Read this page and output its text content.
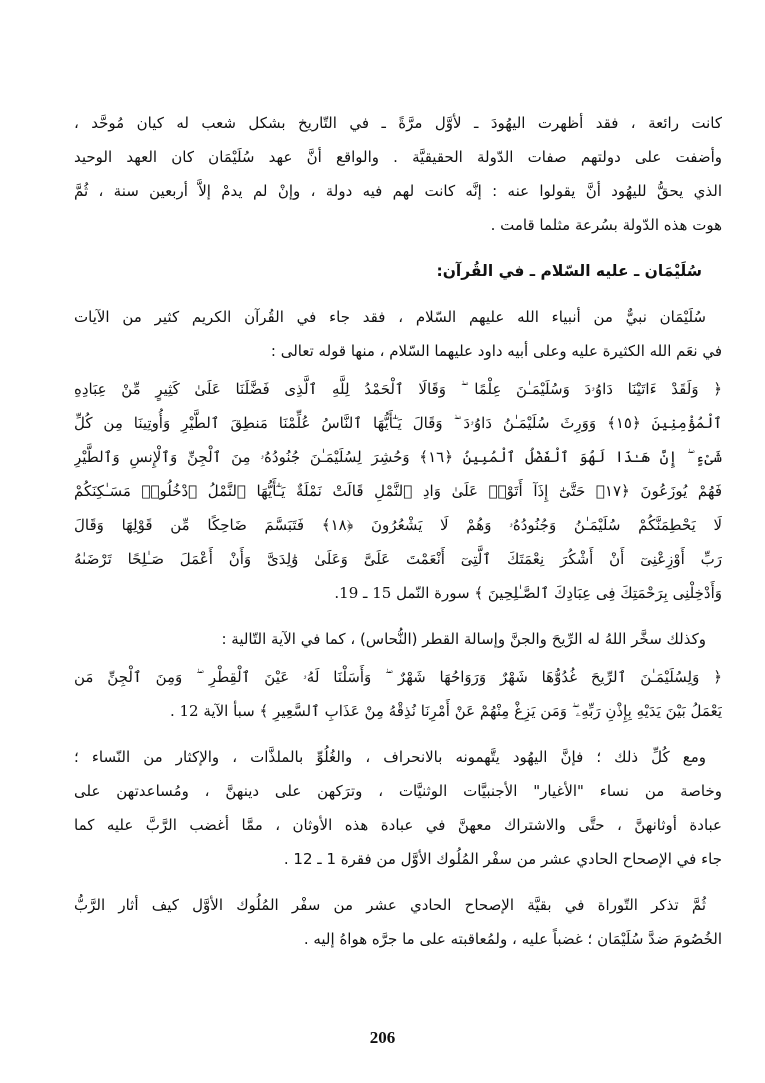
كانت رائعة ، فقد أظهرت اليهُودَ ـ لأوَّل مرَّةً ـ في التّاريخ بشكل شعب له كيان مُوحَّد ،
وأضفت على دولتهم صفات الدّولة الحقيقيَّة . والواقع أنَّ عهد سُلَيْمَان كان العهد الوحيد
الذي يحقُّ لليهُود أنَّ يقولوا عنه : إنَّه كانت لهم فيه دولة ، وإنْ لم يدمْ إلاَّ أربعين سنة ، ثُمَّ
هوت هذه الدّولة بسُرعة مثلما قامت .
سُلَيْمَان ـ عليه السّلام ـ في القُرآن:
سُلَيْمَان نبيٌّ من أنبياء الله عليهم السّلام ، فقد جاء في القُرآن الكريم كثير من الآيات
في نعَم الله الكثيرة عليه وعلى أبيه داود عليهما السّلام ، منها قوله تعالى :
﴿ وَلَقَدْ ءَاتَيْنَا دَاوُۥدَ وَسُلَيْمَـٰنَ عِلْمًا ۖ وَقَالَا ٱلْحَمْدُ لِلَّهِ ٱلَّذِى فَضَّلَنَا عَلَىٰ كَثِيرٍ مِّنْ عِبَادِهِ
ٱلْمُؤْمِنِينَ ﴿١٥﴾ وَوَرِثَ سُلَيْمَـٰنُ دَاوُۥدَ ۖ وَقَالَ يَـٰٓأَيُّهَا ٱلنَّاسُ عُلِّمْنَا مَنطِقَ ٱلطَّيْرِ وَأُوتِينَا مِن كُلِّ
شَىْءٍ ۖ إِنَّ هَـٰذَا لَهُوَ ٱلْفَضْلُ ٱلْمُبِينُ ﴿١٦﴾ وَحُشِرَ لِسُلَيْمَـٰنَ جُنُودُهُۥ مِنَ ٱلْجِنِّ وَٱلْإِنسِ وَٱلطَّيْرِ
فَهُمْ يُوزَعُونَ ﴿١٧﴾ حَتَّىٰٓ إِذَآ أَتَوْا۟ عَلَىٰ وَادِ ٱلنَّمْلِ قَالَتْ نَمْلَةٌ يَـٰٓأَيُّهَا ٱلنَّمْلُ ٱدْخُلُوا۟ مَسَـٰكِنَكُمْ
لَا يَحْطِمَنَّكُمْ سُلَيْمَـٰنُ وَجُنُودُهُۥ وَهُمْ لَا يَشْعُرُونَ ﴿١٨﴾ فَتَبَسَّمَ ضَاحِكًا مِّن قَوْلِهَا وَقَالَ
رَبِّ أَوْزِعْنِىٓ أَنْ أَشْكُرَ نِعْمَتَكَ ٱلَّتِىٓ أَنْعَمْتَ عَلَىَّ وَعَلَىٰ وَٰلِدَىَّ وَأَنْ أَعْمَلَ صَـٰلِحًا تَرْضَىٰهُ
وَأَدْخِلْنِى بِرَحْمَتِكَ فِى عِبَادِكَ ٱلصَّـٰلِحِينَ ﴾ سورة النّمل 15 ـ 19.
وكذلك سخَّر اللهُ له الرِّيحَ والجنَّ وإسالة القطر (النُّحاس) ، كما في الآية التّالية :
﴿ وَلِسُلَيْمَـٰنَ ٱلرِّيحَ غُدُوُّهَا شَهْرٌ وَرَوَاحُهَا شَهْرٌ ۖ وَأَسَلْنَا لَهُۥ عَيْنَ ٱلْقِطْرِ ۖ وَمِنَ ٱلْجِنِّ مَن
يَعْمَلُ بَيْنَ يَدَيْهِ بِإِذْنِ رَبِّهِۦ ۖ وَمَن يَزِغْ مِنْهُمْ عَنْ أَمْرِنَا نُذِقْهُ مِنْ عَذَابِ ٱلسَّعِيرِ ﴾ سبأ الآية 12 .
ومع كُلِّ ذلك ؛ فإنَّ اليهُود يتَّهمونه بالانحراف ، والغُلُوِّ بالملذَّات ، والإكثار من النّساء ؛
وخاصة من نساء "الأغيار" الأجنبيَّات الوثنيَّات ، وترَكهن على دينهنَّ ، ومُساعدتهن على
عبادة أوثانهنَّ ، حتَّى والاشتراك معهنَّ في عبادة هذه الأوثان ، ممَّا أغضب الرَّبَّ عليه كما
جاء في الإصحاح الحادي عشر من سفْر المُلُوك الأوَّل من فقرة 1 ـ 12 .
ثُمَّ تذكر التّوراة في بقيَّة الإصحاح الحادي عشر من سفْر المُلُوك الأوَّل كيف أثار الرَّبُّ
الخُصُومَ ضدَّ سُلَيْمَان ؛ غضباً عليه ، ولمُعاقبته على ما جرَّه هواهُ إليه .
206
